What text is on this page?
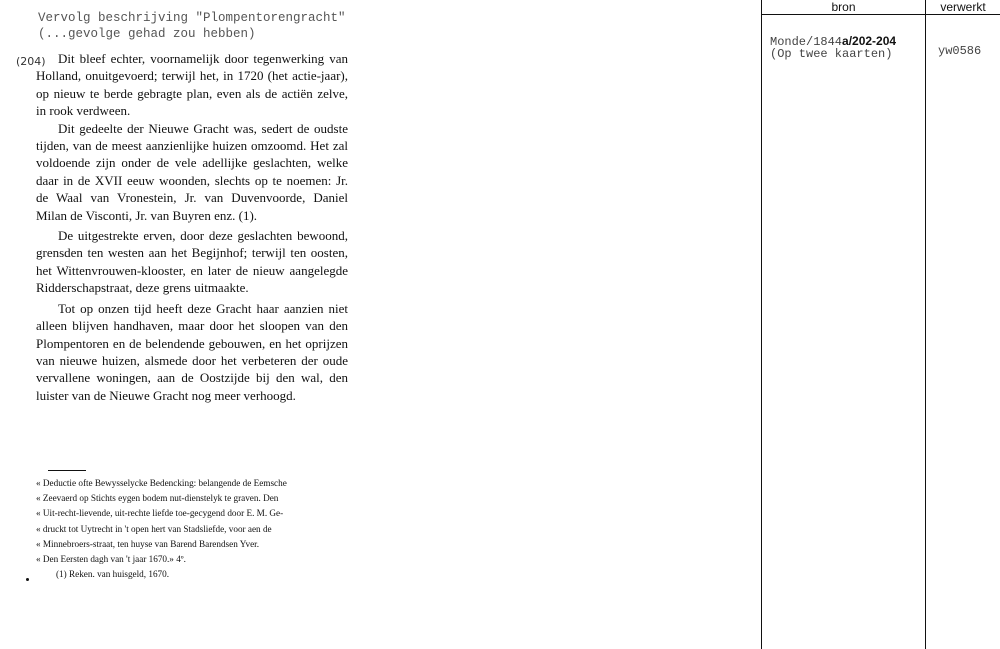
Vervolg beschrijving "Plompentorengracht"
(...gevolge gehad zou hebben)
(204) Dit bleef echter, voornamelijk door tegenwerking van Holland, onuitgevoerd; terwijl het, in 1720 (het actie-jaar), op nieuw te berde gebragte plan, even als de actiën zelve, in rook verdween.

Dit gedeelte der Nieuwe Gracht was, sedert de oudste tijden, van de meest aanzienlijke huizen omzoomd. Het zal voldoende zijn onder de vele adellijke geslachten, welke daar in de XVII eeuw woonden, slechts op te noemen: Jr. de Waal van Vronestein, Jr. van Duvenvoorde, Daniel Milan de Visconti, Jr. van Buyren enz. (1).

De uitgestrekte erven, door deze geslachten bewoond, grensden ten westen aan het Begijnhof; terwijl ten oosten, het Wittenvrouwen-klooster, en later de nieuw aangelegde Ridderschapstraat, deze grens uitmaakte.

Tot op onzen tijd heeft deze Gracht haar aanzien niet alleen blijven handhaven, maar door het sloopen van den Plompentoren en de belendende gebouwen, en het oprijzen van nieuwe huizen, alsmede door het verbeteren der oude vervallene woningen, aan de Oostzijde bij den wal, den luister van de Nieuwe Gracht nog meer verhoogd.

« Deductie ofte Bewysselycke Bedencking: belangende de Eemsche
« Zeevaerd op Stichts eygen bodem nut-dienstelyk te graven. Den
« Uit-recht-lievende, uit-rechte liefde toe-gecygend door E. M. Ge-
« druckt tot Uytrecht in 't open hert van Stadsliefde, voor aen de
« Minnebroers-straat, ten huyse van Barend Barendsen Yver.
« Den Eersten dagh van 't jaar 1670.» 4º.
(1) Reken. van huisgeld, 1670.
bron	verwerkt
Monde/1844a/202-204
(Op twee kaarten)	yw0586
